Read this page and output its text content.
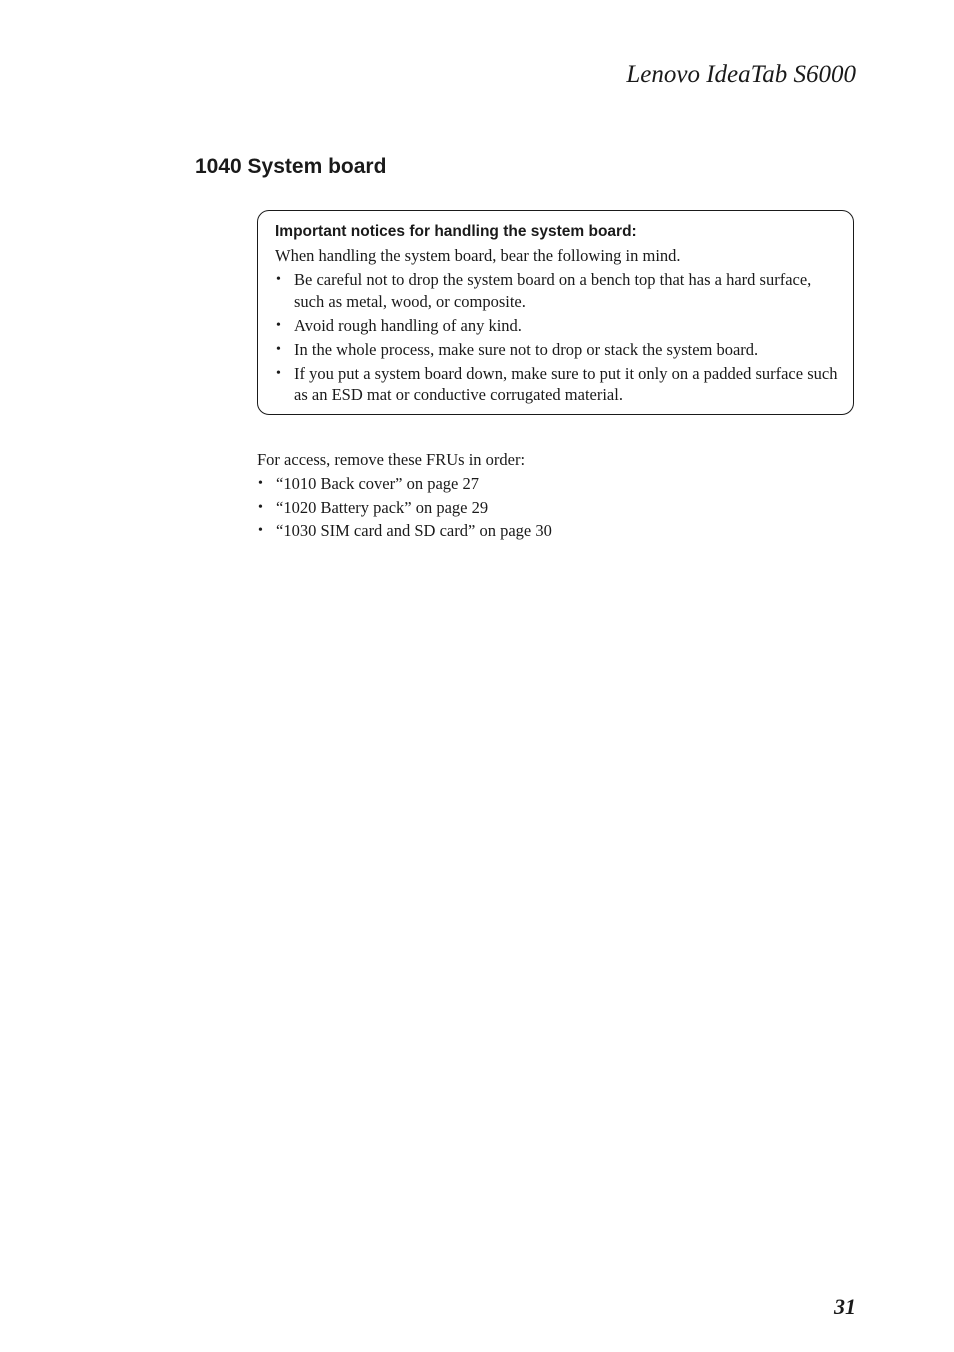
Lenovo IdeaTab S6000
1040 System board

Important notices for handling the system board:

When handling the system board, bear the following in mind.

• Be careful not to drop the system board on a bench top that has a hard surface, such as metal, wood, or composite.
• Avoid rough handling of any kind.
• In the whole process, make sure not to drop or stack the system board.
• If you put a system board down, make sure to put it only on a padded surface such as an ESD mat or conductive corrugated material.

For access, remove these FRUs in order:

• “1010 Back cover” on page 27
• “1020 Battery pack” on page 29
• “1030 SIM card and SD card” on page 30
31
